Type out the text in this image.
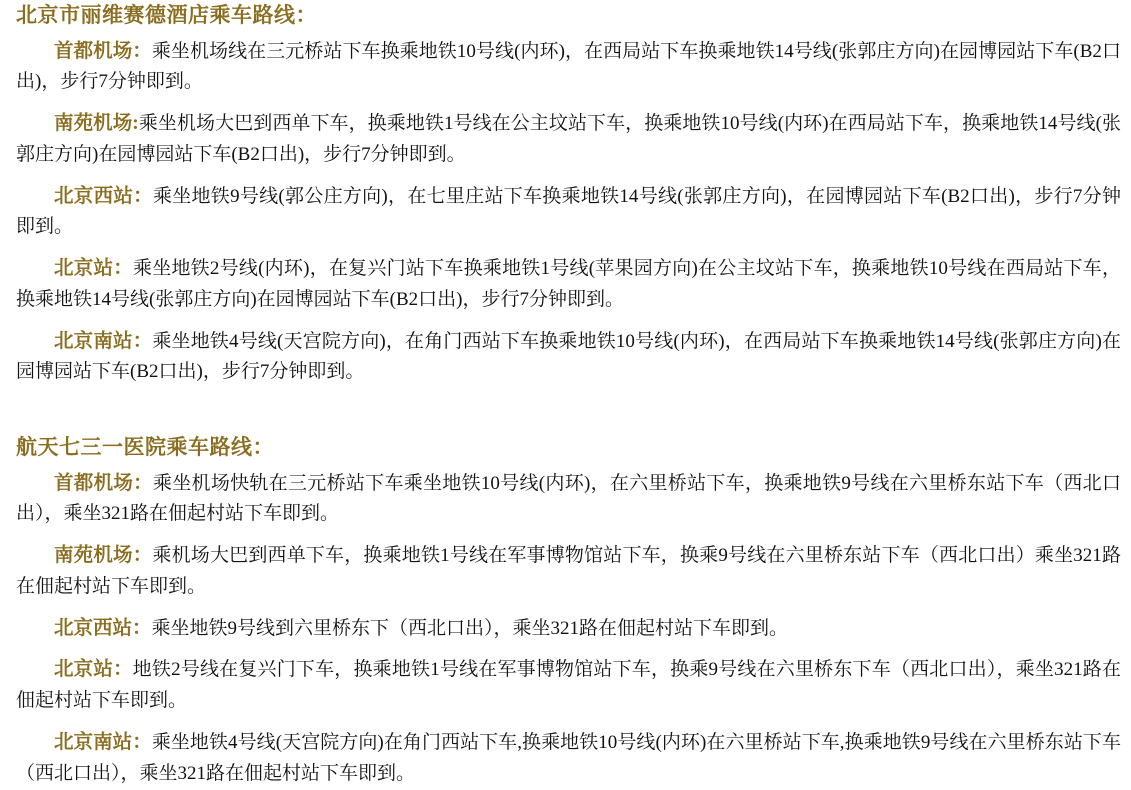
北京市丽维赛德酒店乘车路线：

首都机场：乘坐机场线在三元桥站下车换乘地铁10号线(内环)，在西局站下车换乘地铁14号线(张郭庄方向)在园博园站下车(B2口出)，步行7分钟即到。

南苑机场:乘坐机场大巴到西单下车，换乘地铁1号线在公主坟站下车，换乘地铁10号线(内环)在西局站下车，换乘地铁14号线(张郭庄方向)在园博园站下车(B2口出)，步行7分钟即到。

北京西站：乘坐地铁9号线(郭公庄方向)，在七里庄站下车换乘地铁14号线(张郭庄方向)，在园博园站下车(B2口出)，步行7分钟即到。

北京站：乘坐地铁2号线(内环)，在复兴门站下车换乘地铁1号线(苹果园方向)在公主坟站下车，换乘地铁10号线在西局站下车，换乘地铁14号线(张郭庄方向)在园博园站下车(B2口出)，步行7分钟即到。

北京南站：乘坐地铁4号线(天宫院方向)，在角门西站下车换乘地铁10号线(内环)，在西局站下车换乘地铁14号线(张郭庄方向)在园博园站下车(B2口出)，步行7分钟即到。

航天七三一医院乘车路线：

首都机场：乘坐机场快轨在三元桥站下车乘坐地铁10号线(内环)，在六里桥站下车，换乘地铁9号线在六里桥东站下车（西北口出），乘坐321路在佃起村站下车即到。

南苑机场：乘机场大巴到西单下车，换乘地铁1号线在军事博物馆站下车，换乘9号线在六里桥东站下车（西北口出）乘坐321路在佃起村站下车即到。

北京西站：乘坐地铁9号线到六里桥东下（西北口出），乘坐321路在佃起村站下车即到。

北京站：地铁2号线在复兴门下车，换乘地铁1号线在军事博物馆站下车，换乘9号线在六里桥东下车（西北口出），乘坐321路在佃起村站下车即到。

北京南站：乘坐地铁4号线(天宫院方向)在角门西站下车,换乘地铁10号线(内环)在六里桥站下车,换乘地铁9号线在六里桥东站下车（西北口出），乘坐321路在佃起村站下车即到。
